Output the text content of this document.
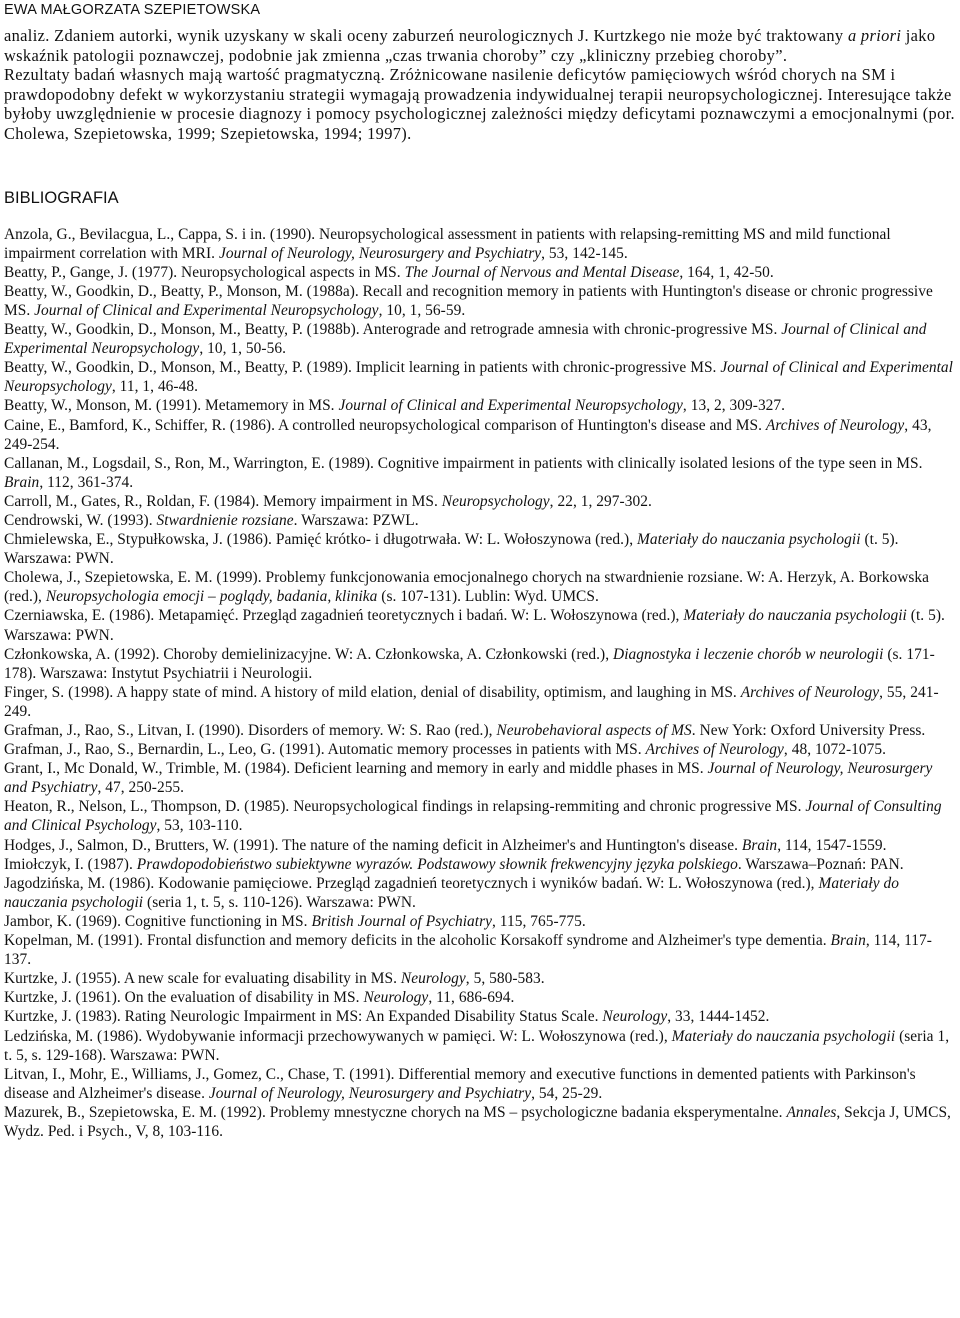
EWA MAŁGORZATA SZEPIETOWSKA

analiz. Zdaniem autorki, wynik uzyskany w skali oceny zaburzeń neurologicznych J. Kurtzkego nie może być traktowany a priori jako wskaźnik patologii poznawczej, podobnie jak zmienna „czas trwania choroby” czy „kliniczny przebieg choroby”.

Rezultaty badań własnych mają wartość pragmatyczną. Zróżnicowane nasilenie deficytów pamięciowych wśród chorych na SM i prawdopodobny defekt w wykorzystaniu strategii wymagają prowadzenia indywidualnej terapii neuropsychologicznej. Interesujące także byłoby uwzględnienie w procesie diagnozy i pomocy psychologicznej zależności między deficytami poznawczymi a emocjonalnymi (por. Cholewa, Szepietowska, 1999; Szepietowska, 1994; 1997).

BIBLIOGRAFIA

Anzola, G., Bevilacgua, L., Cappa, S. i in. (1990). Neuropsychological assessment in patients with relapsing-remitting MS and mild functional impairment correlation with MRI. Journal of Neurology, Neurosurgery and Psychiatry, 53, 142-145.

Beatty, P., Gange, J. (1977). Neuropsychological aspects in MS. The Journal of Nervous and Mental Disease, 164, 1, 42-50.

Beatty, W., Goodkin, D., Beatty, P., Monson, M. (1988a). Recall and recognition memory in patients with Huntington's disease or chronic progressive MS. Journal of Clinical and Experimental Neuropsychology, 10, 1, 56-59.

Beatty, W., Goodkin, D., Monson, M., Beatty, P. (1988b). Anterograde and retrograde amnesia with chronic-progressive MS. Journal of Clinical and Experimental Neuropsychology, 10, 1, 50-56.

Beatty, W., Goodkin, D., Monson, M., Beatty, P. (1989). Implicit learning in patients with chronic-progressive MS. Journal of Clinical and Experimental Neuropsychology, 11, 1, 46-48.

Beatty, W., Monson, M. (1991). Metamemory in MS. Journal of Clinical and Experimental Neuropsychology, 13, 2, 309-327.

Caine, E., Bamford, K., Schiffer, R. (1986). A controlled neuropsychological comparison of Huntington's disease and MS. Archives of Neurology, 43, 249-254.

Callanan, M., Logsdail, S., Ron, M., Warrington, E. (1989). Cognitive impairment in patients with clinically isolated lesions of the type seen in MS. Brain, 112, 361-374.

Carroll, M., Gates, R., Roldan, F. (1984). Memory impairment in MS. Neuropsychology, 22, 1, 297-302.

Cendrowski, W. (1993). Stwardnienie rozsiane. Warszawa: PZWL.

Chmielewska, E., Stypułkowska, J. (1986). Pamięć krótko- i długotrwała. W: L. Wołoszynowa (red.), Materiały do nauczania psychologii (t. 5). Warszawa: PWN.

Cholewa, J., Szepietowska, E. M. (1999). Problemy funkcjonowania emocjonalnego chorych na stwardnienie rozsiane. W: A. Herzyk, A. Borkowska (red.), Neuropsychologia emocji – poglądy, badania, klinika (s. 107-131). Lublin: Wyd. UMCS.

Czerniawska, E. (1986). Metapamięć. Przegląd zagadnień teoretycznych i badań. W: L. Wołoszynowa (red.), Materiały do nauczania psychologii (t. 5). Warszawa: PWN.

Członkowska, A. (1992). Choroby demielinizacyjne. W: A. Członkowska, A. Członkowski (red.), Diagnostyka i leczenie chorób w neurologii (s. 171-178). Warszawa: Instytut Psychiatrii i Neurologii.

Finger, S. (1998). A happy state of mind. A history of mild elation, denial of disability, optimism, and laughing in MS. Archives of Neurology, 55, 241-249.

Grafman, J., Rao, S., Litvan, I. (1990). Disorders of memory. W: S. Rao (red.), Neurobehavioral aspects of MS. New York: Oxford University Press.

Grafman, J., Rao, S., Bernardin, L., Leo, G. (1991). Automatic memory processes in patients with MS. Archives of Neurology, 48, 1072-1075.

Grant, I., Mc Donald, W., Trimble, M. (1984). Deficient learning and memory in early and middle phases in MS. Journal of Neurology, Neurosurgery and Psychiatry, 47, 250-255.

Heaton, R., Nelson, L., Thompson, D. (1985). Neuropsychological findings in relapsing-remmiting and chronic progressive MS. Journal of Consulting and Clinical Psychology, 53, 103-110.

Hodges, J., Salmon, D., Brutters, W. (1991). The nature of the naming deficit in Alzheimer's and Huntington's disease. Brain, 114, 1547-1559.

Imiołczyk, I. (1987). Prawdopodobieństwo subiektywne wyrazów. Podstawowy słownik frekwencyjny języka polskiego. Warszawa–Poznań: PAN.

Jagodzińska, M. (1986). Kodowanie pamięciowe. Przegląd zagadnień teoretycznych i wyników badań. W: L. Wołoszynowa (red.), Materiały do nauczania psychologii (seria 1, t. 5, s. 110-126). Warszawa: PWN.

Jambor, K. (1969). Cognitive functioning in MS. British Journal of Psychiatry, 115, 765-775.

Kopelman, M. (1991). Frontal disfunction and memory deficits in the alcoholic Korsakoff syndrome and Alzheimer's type dementia. Brain, 114, 117-137.

Kurtzke, J. (1955). A new scale for evaluating disability in MS. Neurology, 5, 580-583.

Kurtzke, J. (1961). On the evaluation of disability in MS. Neurology, 11, 686-694.

Kurtzke, J. (1983). Rating Neurologic Impairment in MS: An Expanded Disability Status Scale. Neurology, 33, 1444-1452.

Ledzińska, M. (1986). Wydobywanie informacji przechowywanych w pamięci. W: L. Wołoszynowa (red.), Materiały do nauczania psychologii (seria 1, t. 5, s. 129-168). Warszawa: PWN.

Litvan, I., Mohr, E., Williams, J., Gomez, C., Chase, T. (1991). Differential memory and executive functions in demented patients with Parkinson's disease and Alzheimer's disease. Journal of Neurology, Neurosurgery and Psychiatry, 54, 25-29.

Mazurek, B., Szepietowska, E. M. (1992). Problemy mnestyczne chorych na MS – psychologiczne badania eksperymentalne. Annales, Sekcja J, UMCS, Wydz. Ped. i Psych., V, 8, 103-116.
